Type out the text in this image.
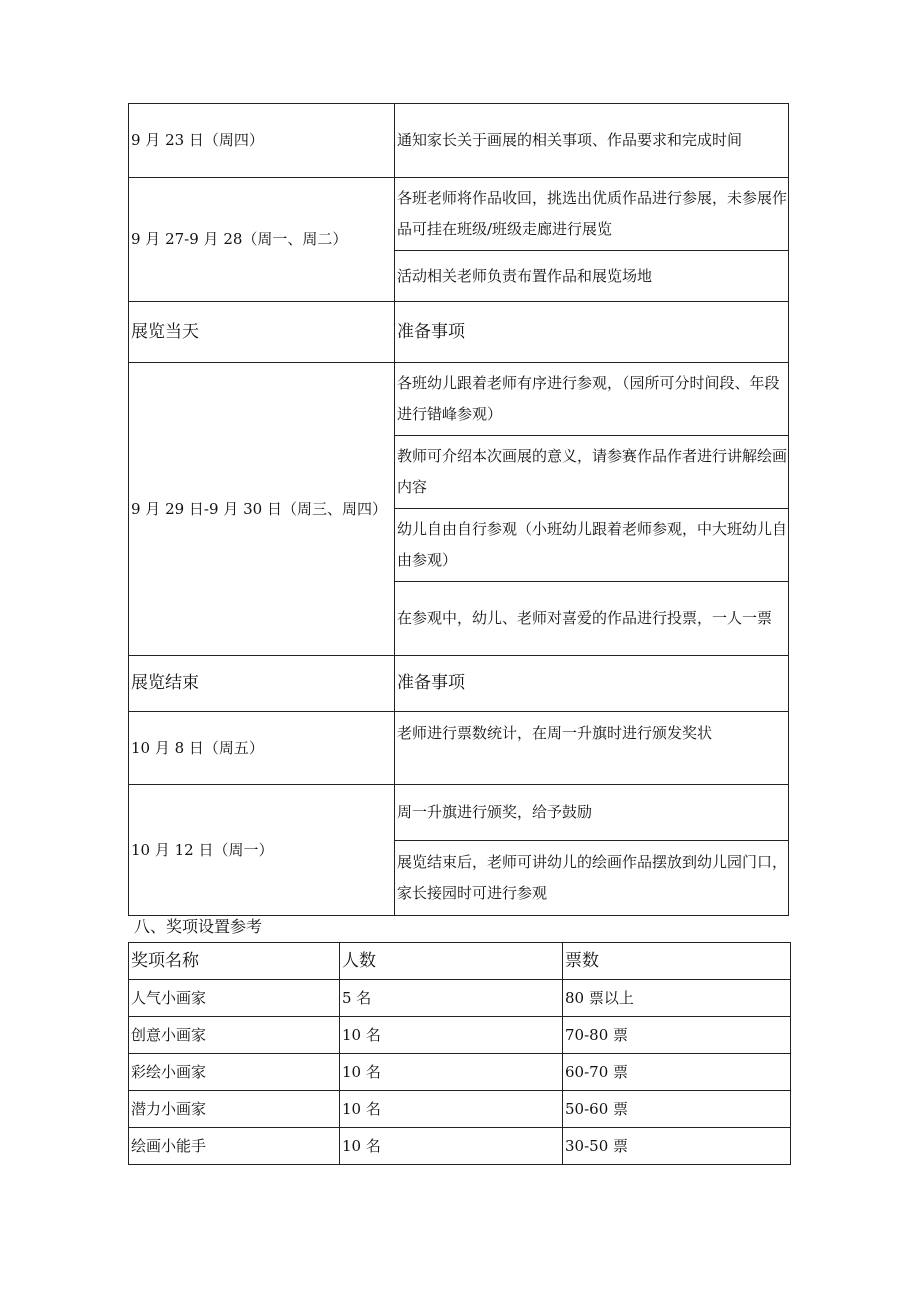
9 月 23 日（周四）	通知家长关于画展的相关事项、作品要求和完成时间
9 月 27-9 月 28（周一、周二）	各班老师将作品收回，挑选出优质作品进行参展，未参展作品可挂在班级/班级走廊进行展览
	活动相关老师负责布置作品和展览场地
展览当天	准备事项
9 月 29 日-9 月 30 日（周三、周四）	各班幼儿跟着老师有序进行参观，（园所可分时间段、年段进行错峰参观）
	教师可介绍本次画展的意义，请参赛作品作者进行讲解绘画内容
	幼儿自由自行参观（小班幼儿跟着老师参观，中大班幼儿自由参观）
	在参观中，幼儿、老师对喜爱的作品进行投票，一人一票
展览结束	准备事项
10 月 8 日（周五）	老师进行票数统计，在周一升旗时进行颁发奖状
10 月 12 日（周一）	周一升旗进行颁奖，给予鼓励
	展览结束后，老师可讲幼儿的绘画作品摆放到幼儿园门口，家长接园时可进行参观
八、奖项设置参考
奖项名称	人数	票数
人气小画家	5 名	80 票以上
创意小画家	10 名	70-80 票
彩绘小画家	10 名	60-70 票
潜力小画家	10 名	50-60 票
绘画小能手	10 名	30-50 票
